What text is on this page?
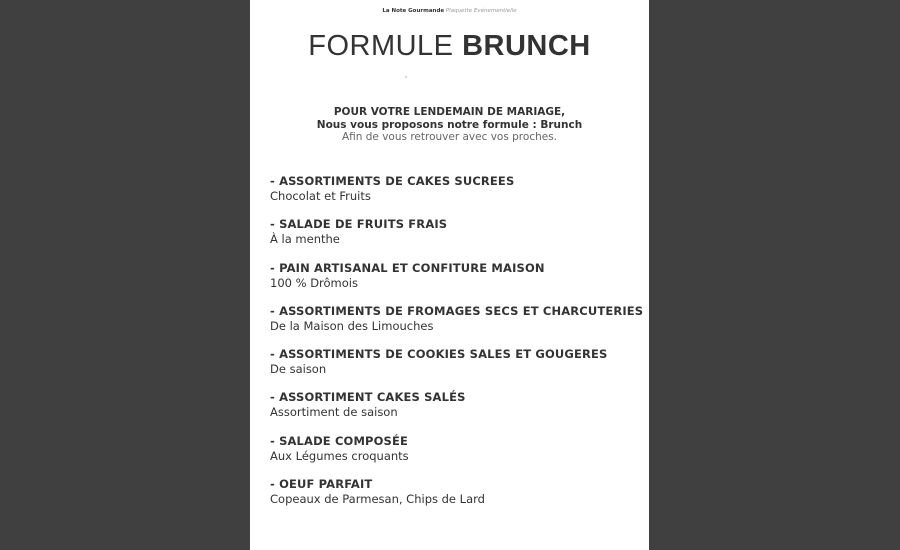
La Note Gourmande Plaquette Evénementielle
FORMULE BRUNCH
POUR VOTRE LENDEMAIN DE MARIAGE,
Nous vous proposons notre formule : Brunch
Afin de vous retrouver avec vos proches.
- ASSORTIMENTS DE CAKES SUCREES
Chocolat et Fruits
- SALADE DE FRUITS FRAIS
À la menthe
- PAIN ARTISANAL ET CONFITURE MAISON
100 % Drômois
- ASSORTIMENTS DE FROMAGES SECS ET CHARCUTERIES
De la Maison des Limouches
- ASSORTIMENTS DE COOKIES SALES ET GOUGERES
De saison
- ASSORTIMENT CAKES SALÉS
Assortiment de saison
- SALADE COMPOSÉE
Aux Légumes croquants
- OEUF PARFAIT
Copeaux de Parmesan, Chips de Lard
